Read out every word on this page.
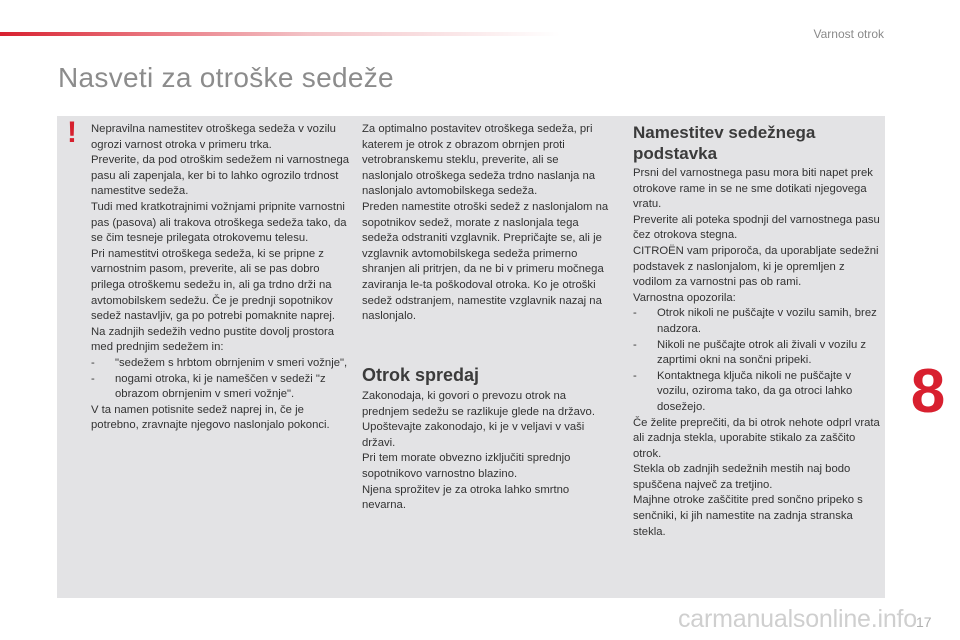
Varnost otrok
Nasveti za otroške sedeže
! Nepravilna namestitev otroškega sedeža v vozilu ogrozi varnost otroka v primeru trka.

Preverite, da pod otroškim sedežem ni varnostnega pasu ali zapenjala, ker bi to lahko ogrozilo trdnost namestitve sedeža.

Tudi med kratkotrajnimi vožnjami pripnite varnostni pas (pasova) ali trakova otroškega sedeža tako, da se čim tesneje prilegata otrokovemu telesu.

Pri namestitvi otroškega sedeža, ki se pripne z varnostnim pasom, preverite, ali se pas dobro prilega otroškemu sedežu in, ali ga trdno drži na avtomobilskem sedežu. Če je prednji sopotnikov sedež nastavljiv, ga po potrebi pomaknite naprej.

Na zadnjih sedežih vedno pustite dovolj prostora med prednjim sedežem in:

- "sedežem s hrbtom obrnjenim v smeri vožnje",
- nogami otroka, ki je nameščen v sedeži "z obrazom obrnjenim v smeri vožnje".

V ta namen potisnite sedež naprej in, če je potrebno, zravnajte njegovo naslonjalo pokonci.

Za optimalno postavitev otroškega sedeža, pri katerem je otrok z obrazom obrnjen proti vetrobranskemu steklu, preverite, ali se naslonjalo otroškega sedeža trdno naslanja na naslonjalo avtomobilskega sedeža.

Preden namestite otroški sedež z naslonjalom na sopotnikov sedež, morate z naslonjala tega sedeža odstraniti vzglavnik. Prepričajte se, ali je vzglavnik avtomobilskega sedeža primerno shranjen ali pritrjen, da ne bi v primeru močnega zaviranja le-ta poškodoval otroka. Ko je otroški sedež odstranjem, namestite vzglavnik nazaj na naslonjalo.

Otrok spredaj

Zakonodaja, ki govori o prevozu otrok na prednjem sedežu se razlikuje glede na državo. Upoštevajte zakonodajo, ki je v veljavi v vaši državi.

Pri tem morate obvezno izključiti sprednjo sopotnikovo varnostno blazino.

Njena sprožitev je za otroka lahko smrtno nevarna.

Namestitev sedežnega podstavka

Prsni del varnostnega pasu mora biti napet prek otrokove rame in se ne sme dotikati njegovega vratu.

Preverite ali poteka spodnji del varnostnega pasu čez otrokova stegna.

CITROËN vam priporoča, da uporabljate sedežni podstavek z naslonjalom, ki je opremljen z vodilom za varnostni pas ob rami.

Varnostna opozorila:

- Otrok nikoli ne puščajte v vozilu samih, brez nadzora.
- Nikoli ne puščajte otrok ali živali v vozilu z zaprtimi okni na sončni pripeki.
- Kontaktnega ključa nikoli ne puščajte v vozilu, oziroma tako, da ga otroci lahko dosežejo.

Če želite preprečiti, da bi otrok nehote odprl vrata ali zadnja stekla, uporabite stikalo za zaščito otrok.

Stekla ob zadnjih sedežnih mestih naj bodo spuščena največ za tretjino.

Majhne otroke zaščitite pred sončno pripeko s senčniki, ki jih namestite na zadnja stranska stekla.

8
carmanualsonline.info
17
